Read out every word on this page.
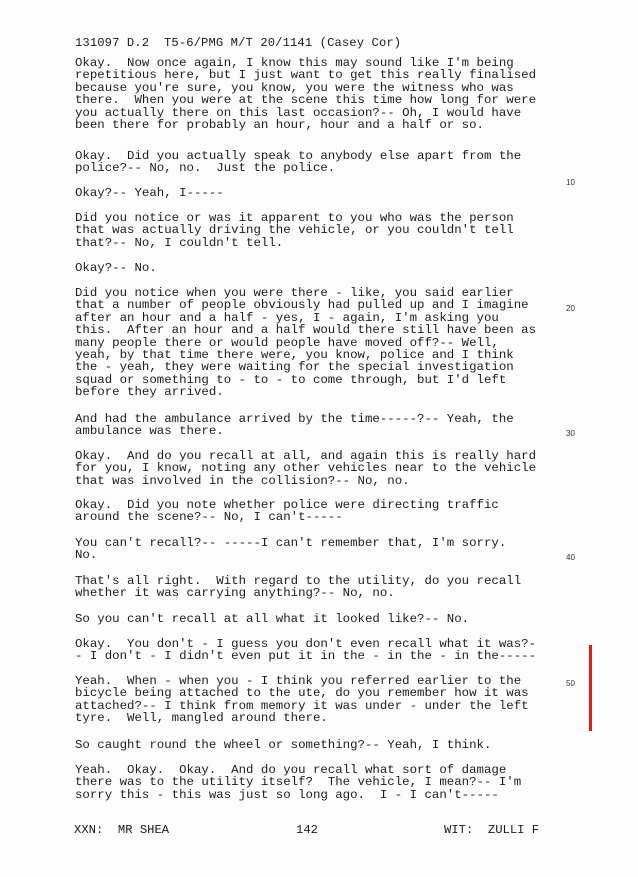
131097 D.2  T5-6/PMG M/T 20/1141 (Casey Cor)

Okay.  Now once again, I know this may sound like I'm being
repetitious here, but I just want to get this really finalised
because you're sure, you know, you were the witness who was
there.  When you were at the scene this time how long for were
you actually there on this last occasion?-- Oh, I would have
been there for probably an hour, hour and a half or so.

Okay.  Did you actually speak to anybody else apart from the
police?-- No, no.  Just the police.

Okay?-- Yeah, I-----

Did you notice or was it apparent to you who was the person
that was actually driving the vehicle, or you couldn't tell
that?-- No, I couldn't tell.

Okay?-- No.

Did you notice when you were there - like, you said earlier
that a number of people obviously had pulled up and I imagine
after an hour and a half - yes, I - again, I'm asking you
this.  After an hour and a half would there still have been as
many people there or would people have moved off?-- Well,
yeah, by that time there were, you know, police and I think
the - yeah, they were waiting for the special investigation
squad or something to - to - to come through, but I'd left
before they arrived.

And had the ambulance arrived by the time-----?-- Yeah, the
ambulance was there.

Okay.  And do you recall at all, and again this is really hard
for you, I know, noting any other vehicles near to the vehicle
that was involved in the collision?-- No, no.

Okay.  Did you note whether police were directing traffic
around the scene?-- No, I can't-----

You can't recall?-- -----I can't remember that, I'm sorry.
No.

That's all right.  With regard to the utility, do you recall
whether it was carrying anything?-- No, no.

So you can't recall at all what it looked like?-- No.

Okay.  You don't - I guess you don't even recall what it was?-
- I don't - I didn't even put it in the - in the - in the-----

Yeah.  When - when you - I think you referred earlier to the
bicycle being attached to the ute, do you remember how it was
attached?-- I think from memory it was under - under the left
tyre.  Well, mangled around there.

So caught round the wheel or something?-- Yeah, I think.

Yeah.  Okay.  Okay.  And do you recall what sort of damage
there was to the utility itself?  The vehicle, I mean?-- I'm
sorry this - this was just so long ago.  I - I can't-----

10
20
30
40
50
XXN:  MR SHEA	142	WIT:  ZULLI F
